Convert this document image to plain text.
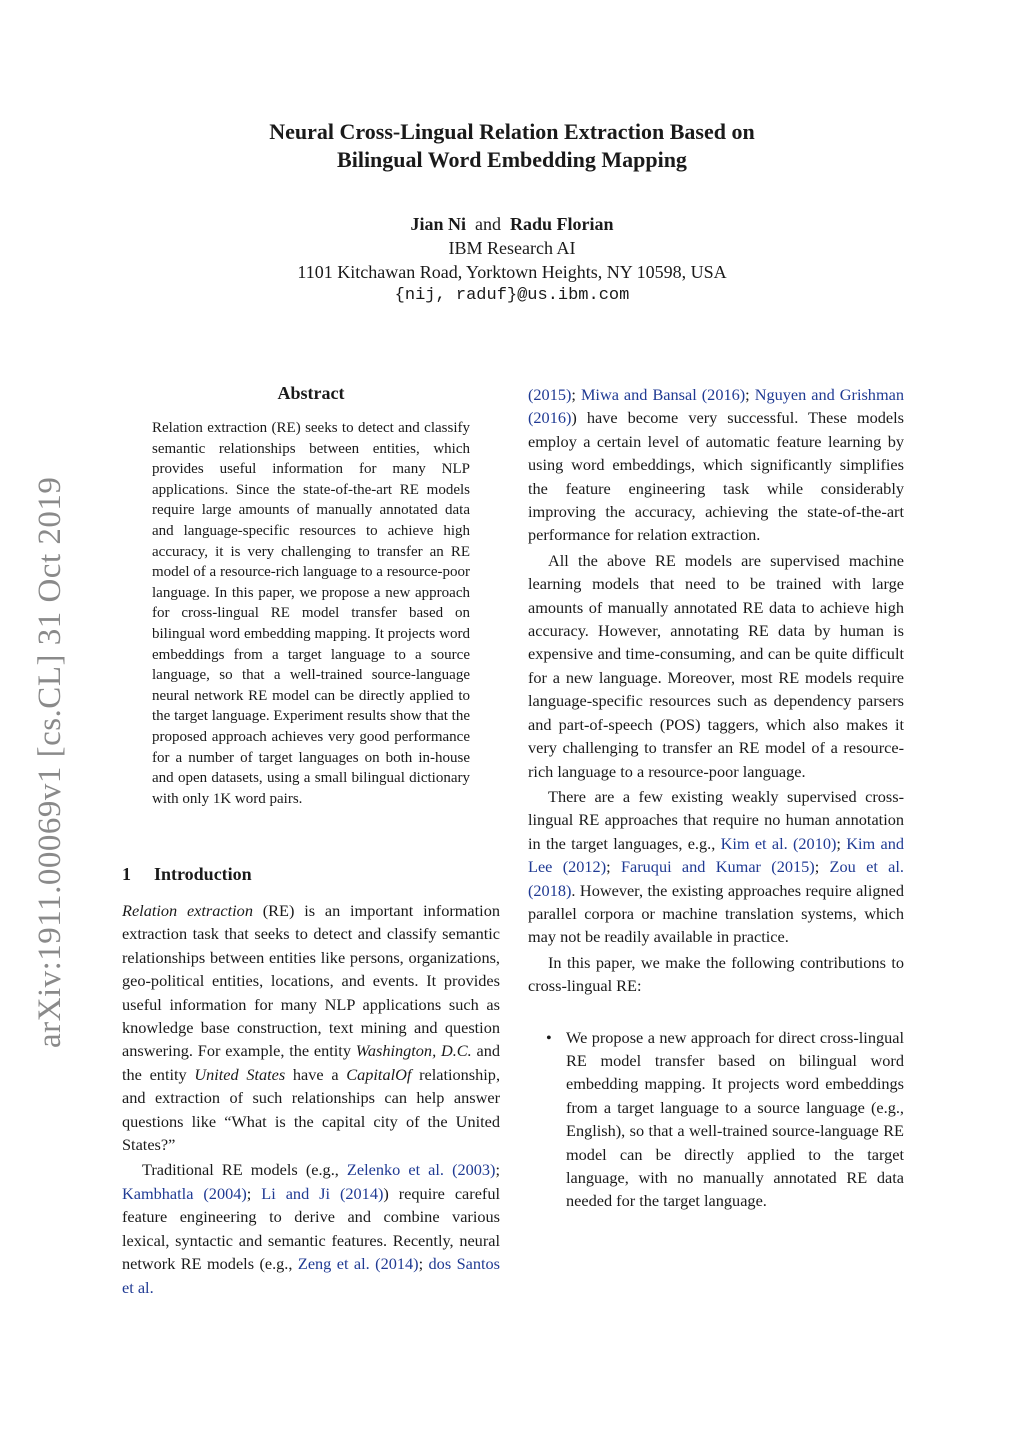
arXiv:1911.00069v1 [cs.CL] 31 Oct 2019
Neural Cross-Lingual Relation Extraction Based on
Bilingual Word Embedding Mapping
Jian Ni and Radu Florian
IBM Research AI
1101 Kitchawan Road, Yorktown Heights, NY 10598, USA
{nij, raduf}@us.ibm.com
Abstract
Relation extraction (RE) seeks to detect and classify semantic relationships between entities, which provides useful information for many NLP applications. Since the state-of-the-art RE models require large amounts of manually annotated data and language-specific resources to achieve high accuracy, it is very challenging to transfer an RE model of a resource-rich language to a resource-poor language. In this paper, we propose a new approach for cross-lingual RE model transfer based on bilingual word embedding mapping. It projects word embeddings from a target language to a source language, so that a well-trained source-language neural network RE model can be directly applied to the target language. Experiment results show that the proposed approach achieves very good performance for a number of target languages on both in-house and open datasets, using a small bilingual dictionary with only 1K word pairs.
1 Introduction

Relation extraction (RE) is an important information extraction task that seeks to detect and classify semantic relationships between entities like persons, organizations, geo-political entities, locations, and events. It provides useful information for many NLP applications such as knowledge base construction, text mining and question answering. For example, the entity Washington, D.C. and the entity United States have a CapitalOf relationship, and extraction of such relationships can help answer questions like “What is the capital city of the United States?”

Traditional RE models (e.g., Zelenko et al. (2003); Kambhatla (2004); Li and Ji (2014)) require careful feature engineering to derive and combine various lexical, syntactic and semantic features. Recently, neural network RE models (e.g., Zeng et al. (2014); dos Santos et al.

(2015); Miwa and Bansal (2016); Nguyen and Grishman (2016)) have become very successful. These models employ a certain level of automatic feature learning by using word embeddings, which significantly simplifies the feature engineering task while considerably improving the accuracy, achieving the state-of-the-art performance for relation extraction.

All the above RE models are supervised machine learning models that need to be trained with large amounts of manually annotated RE data to achieve high accuracy. However, annotating RE data by human is expensive and time-consuming, and can be quite difficult for a new language. Moreover, most RE models require language-specific resources such as dependency parsers and part-of-speech (POS) taggers, which also makes it very challenging to transfer an RE model of a resource-rich language to a resource-poor language.

There are a few existing weakly supervised cross-lingual RE approaches that require no human annotation in the target languages, e.g., Kim et al. (2010); Kim and Lee (2012); Faruqui and Kumar (2015); Zou et al. (2018). However, the existing approaches require aligned parallel corpora or machine translation systems, which may not be readily available in practice.

In this paper, we make the following contributions to cross-lingual RE:

• We propose a new approach for direct cross-lingual RE model transfer based on bilingual word embedding mapping. It projects word embeddings from a target language to a source language (e.g., English), so that a well-trained source-language RE model can be directly applied to the target language, with no manually annotated RE data needed for the target language.
